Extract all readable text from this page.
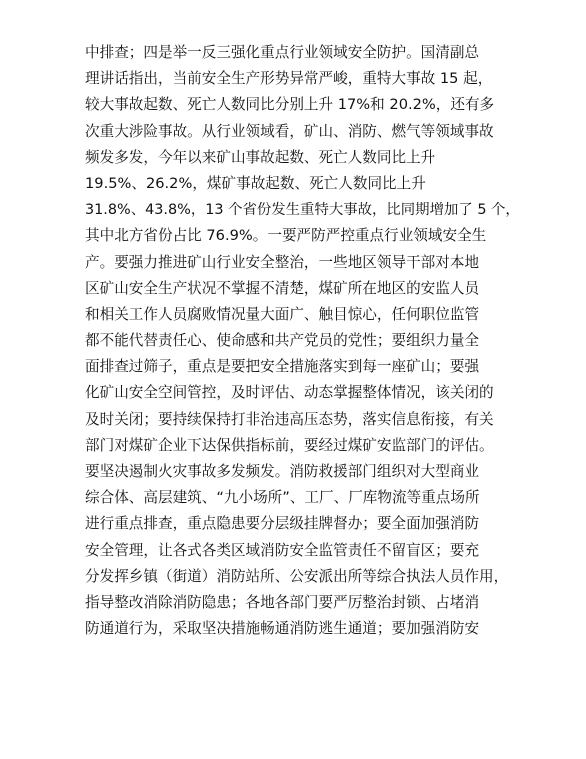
中排查；四是举一反三强化重点行业领域安全防护。国清副总
理讲话指出，当前安全生产形势异常严峻，重特大事故 15 起，
较大事故起数、死亡人数同比分别上升 17%和 20.2%，还有多
次重大涉险事故。从行业领域看，矿山、消防、燃气等领域事故
频发多发，今年以来矿山事故起数、死亡人数同比上升
19.5%、26.2%，煤矿事故起数、死亡人数同比上升
31.8%、43.8%，13 个省份发生重特大事故，比同期增加了 5 个，
其中北方省份占比 76.9%。一要严防严控重点行业领域安全生
产。要强力推进矿山行业安全整治，一些地区领导干部对本地
区矿山安全生产状况不掌握不清楚，煤矿所在地区的安监人员
和相关工作人员腐败情况量大面广、触目惊心，任何职位监管
都不能代替责任心、使命感和共产党员的党性；要组织力量全
面排查过筛子，重点是要把安全措施落实到每一座矿山；要强
化矿山安全空间管控，及时评估、动态掌握整体情况，该关闭的
及时关闭；要持续保持打非治违高压态势，落实信息衔接，有关
部门对煤矿企业下达保供指标前，要经过煤矿安监部门的评估。
要坚决遏制火灾事故多发频发。消防救援部门组织对大型商业
综合体、高层建筑、“九小场所”、工厂、厂库物流等重点场所
进行重点排查，重点隐患要分层级挂牌督办；要全面加强消防
安全管理，让各式各类区域消防安全监管责任不留盲区；要充
分发挥乡镇（街道）消防站所、公安派出所等综合执法人员作用，
指导整改消除消防隐患；各地各部门要严厉整治封锁、占堵消
防通道行为，采取坚决措施畅通消防逃生通道；要加强消防安
